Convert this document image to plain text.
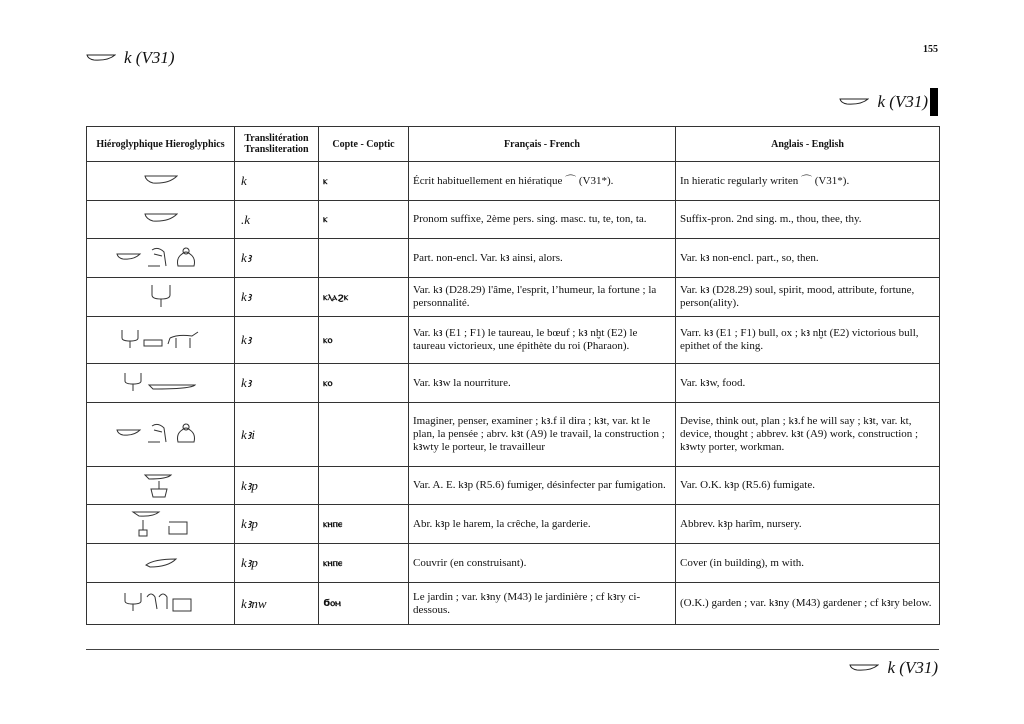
k (V31)	155
k (V31)
Hiéroglyphique Hieroglyphics	Translitération Transliteration	Copte - Coptic	Français - French	Anglais - English
	k	ⲕ	Écrit habituellement en hiératique ⌒ (V31*).	In hieratic regularly writen ⌒ (V31*).
	.k	ⲕ	Pronom suffixe, 2ème pers. sing. masc. tu, te, ton, ta.	Suffix-pron. 2nd sing. m., thou, thee, thy.
	kꜣ		Part. non-encl. Var. kꜣ ainsi, alors.	Var. kꜣ non-encl. part., so, then.
	kꜣ	ⲕⲗⲁϩⲕ	Var. kꜣ (D28.29) l'âme, l'esprit, l’humeur, la fortune ; la personnalité.	Var. kꜣ (D28.29) soul, spirit, mood, attribute, fortune, person(ality).
	kꜣ	ⲕⲟ	Var. kꜣ (E1 ; F1) le taureau, le bœuf ; kꜣ nḫt (E2) le taureau victorieux, une épithète du roi (Pharaon).	Varr. kꜣ (E1 ; F1) bull, ox ; kꜣ nḫt (E2) victorious bull, epithet of the king.
	kꜣ	ⲕⲟ	Var. kꜣw la nourriture.	Var. kꜣw, food.
	kꜣi		Imaginer, penser, examiner ; kꜣ.f il dira ; kꜣt, var. kt le plan, la pensée ; abrv. kꜣt (A9) le travail, la construction ; kꜣwty le porteur, le travailleur	Devise, think out, plan ; kꜣ.f he will say ; kꜣt, var. kt, device, thought ; abbrev. kꜣt (A9) work, construction ; kꜣwty porter, workman.
	kꜣp		Var. A. E. kꜣp (R5.6) fumiger, désinfecter par fumigation.	Var. O.K. kꜣp (R5.6) fumigate.
	kꜣp	ⲕⲏⲡⲉ	Abr. kꜣp le harem, la crêche, la garderie.	Abbrev. kꜣp harîm, nursery.
	kꜣp	ⲕⲏⲡⲉ	Couvrir (en construisant).	Cover (in building), m with.
	kꜣnw	ϭⲟⲙ	Le jardin ; var. kꜣny (M43) le jardinière ; cf kꜣry ci-dessous.	(O.K.) garden ; var. kꜣny (M43) gardener ; cf kꜣry below.
k (V31)
